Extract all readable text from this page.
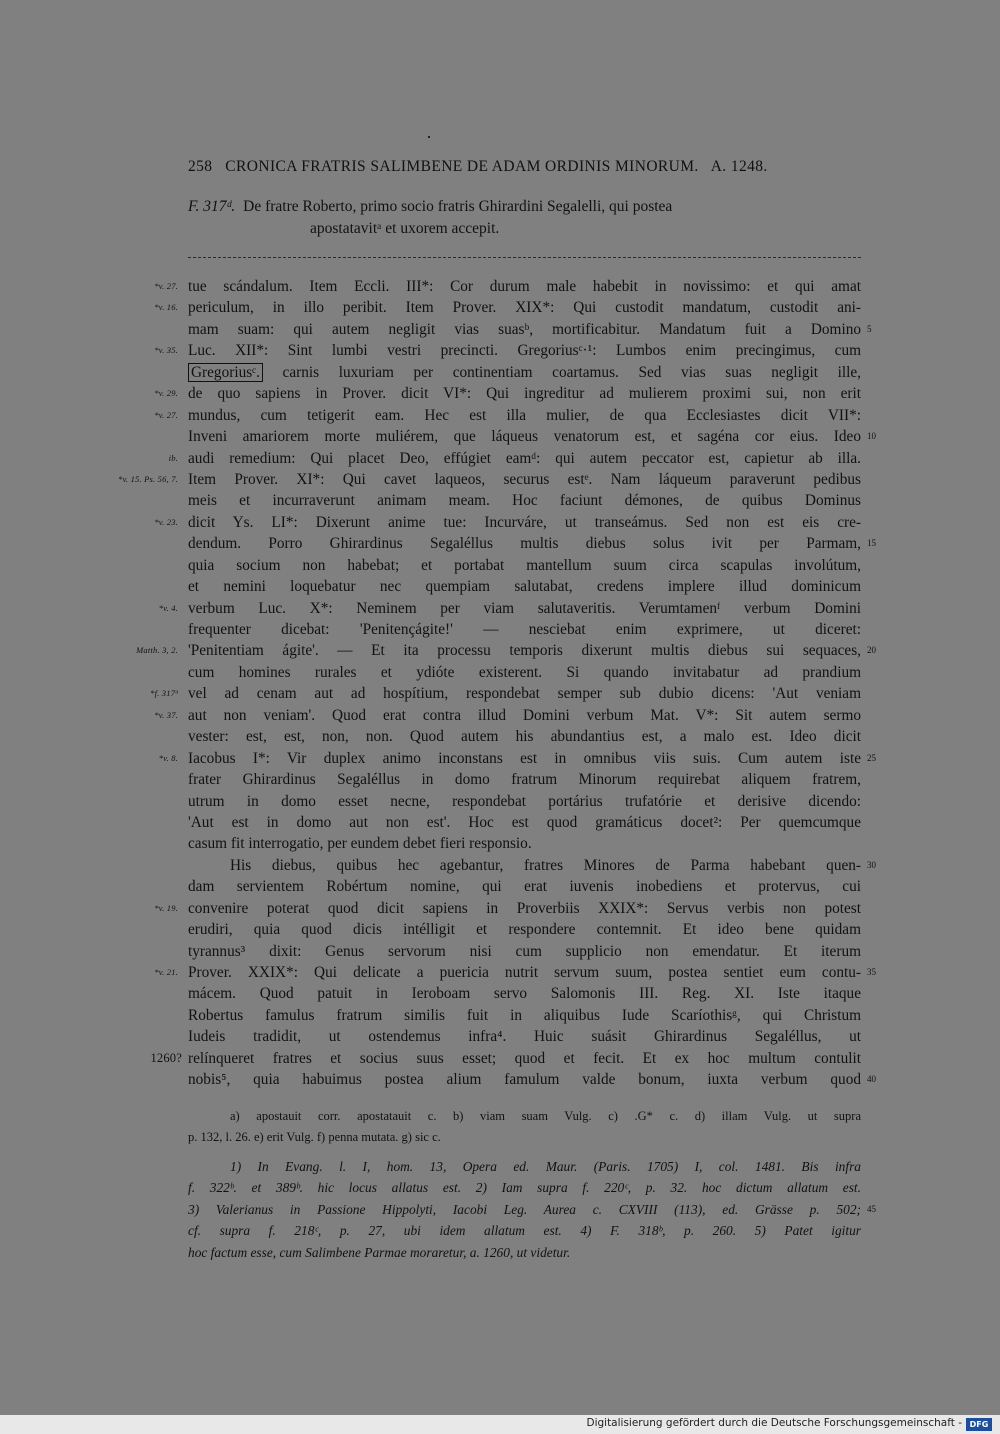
258 CRONICA FRATRIS SALIMBENE DE ADAM ORDINIS MINORUM. A. 1248.
F. 317ᵈ. De fratre Roberto, primo socio fratris Ghirardini Segalelli, qui postea
apostatavitᵃ et uxorem accepit.
*v. 27. tue scándalum. Item Eccli. III*: Cor durum male habebit in novissimo: et qui amat
*v. 16. periculum, in illo peribit. Item Prover. XIX*: Qui custodit mandatum, custodit ani-
mam suam: qui autem negligit vias suasᵇ, mortificabitur. Mandatum fuit a Domino 5
*v. 35. Luc. XII*: Sint lumbi vestri precincti. Gregoriusᶜ·¹: Lumbos enim precingimus, cum
Gregoriusᶜ. carnis luxuriam per continentiam coartamus. Sed vias suas negligit ille,
*v. 29. de quo sapiens in Prover. dicit VI*: Qui ingreditur ad mulierem proximi sui, non erit
*v. 27. mundus, cum tetigerit eam. Hec est illa mulier, de qua Ecclesiastes dicit VII*:
Inveni amariorem morte muliérem, que láqueus venatorum est, et sagéna cor eius. Ideo 10
ib. audi remedium: Qui placet Deo, effúgiet eamᵈ: qui autem peccator est, capietur ab illa.
*v. 15. Ps. 56, 7. Item Prover. XI*: Qui cavet laqueos, securus estᵉ. Nam láqueum paraverunt pedibus
meis et incurraverunt animam meam. Hoc faciunt démones, de quibus Dominus
*v. 23. dicit Ys. LI*: Dixerunt anime tue: Incurváre, ut transeámus. Sed non est eis cre-
dendum. Porro Ghirardinus Segaléllus multis diebus solus ivit per Parmam, 15
quia socium non habebat; et portabat mantellum suum circa scapulas involútum,
et nemini loquebatur nec quempiam salutabat, credens implere illud dominicum
*v. 4. verbum Luc. X*: Neminem per viam salutaveritis. Verumtamenᶠ verbum Domini
frequenter dicebat: 'Penitençágite!' — nesciebat enim exprimere, ut diceret:
Matth. 3, 2. 'Penitentiam ágite'. — Et ita processu temporis dixerunt multis diebus sui sequaces, 20
cum homines rurales et ydióte existerent. Si quando invitabatur ad prandium
*f. 317ᵈ vel ad cenam aut ad hospítium, respondebat semper sub dubio dicens: 'Aut veniam
*v. 37. aut non veniam'. Quod erat contra illud Domini verbum Mat. V*: Sit autem sermo
vester: est, est, non, non. Quod autem his abundantius est, a malo est. Ideo dicit
*v. 8. Iacobus I*: Vir duplex animo inconstans est in omnibus viis suis. Cum autem iste 25
frater Ghirardinus Segaléllus in domo fratrum Minorum requirebat aliquem fratrem,
utrum in domo esset necne, respondebat portárius trufatórie et derisive dicendo:
'Aut est in domo aut non est'. Hoc est quod gramáticus docet²: Per quemcumque
casum fit interrogatio, per eundem debet fieri responsio.
His diebus, quibus hec agebantur, fratres Minores de Parma habebant quen- 30
dam servientem Robértum nomine, qui erat iuvenis inobediens et protervus, cui
*v. 19. convenire poterat quod dicit sapiens in Proverbiis XXIX*: Servus verbis non potest
erudiri, quia quod dicis intélligit et respondere contemnit. Et ideo bene quidam
tyrannus³ dixit: Genus servorum nisi cum supplicio non emendatur. Et iterum
*v. 21. Prover. XXIX*: Qui delicate a puericia nutrit servum suum, postea sentiet eum contu- 35
mácem. Quod patuit in Ieroboam servo Salomonis III. Reg. XI. Iste itaque
Robertus famulus fratrum similis fuit in aliquibus Iude Scaríothisᵍ, qui Christum
Iudeis tradidit, ut ostendemus infra⁴. Huic suásit Ghirardinus Segaléllus, ut
1260? relínqueret fratres et socius suus esset; quod et fecit. Et ex hoc multum contulit
nobis⁵, quia habuimus postea alium famulum valde bonum, iuxta verbum quod 40
a) apostauit corr. apostatauit c. b) viam suam Vulg. c) .G* c. d) illam Vulg. ut supra
p. 132, l. 26. e) erit Vulg. f) penna mutata. g) sic c.
1) In Evang. l. I, hom. 13, Opera ed. Maur. (Paris. 1705) I, col. 1481. Bis infra
f. 322ᵇ. et 389ᵇ. hic locus allatus est. 2) Iam supra f. 220ᶜ, p. 32. hoc dictum allatum est.
3) Valerianus in Passione Hippolyti, Iacobi Leg. Aurea c. CXVIII (113), ed. Grässe p. 502; 45
cf. supra f. 218ᶜ, p. 27, ubi idem allatum est. 4) F. 318ᵇ, p. 260. 5) Patet igitur
hoc factum esse, cum Salimbene Parmae moraretur, a. 1260, ut videtur.
Digitalisierung gefördert durch die Deutsche Forschungsgemeinschaft - DFG
